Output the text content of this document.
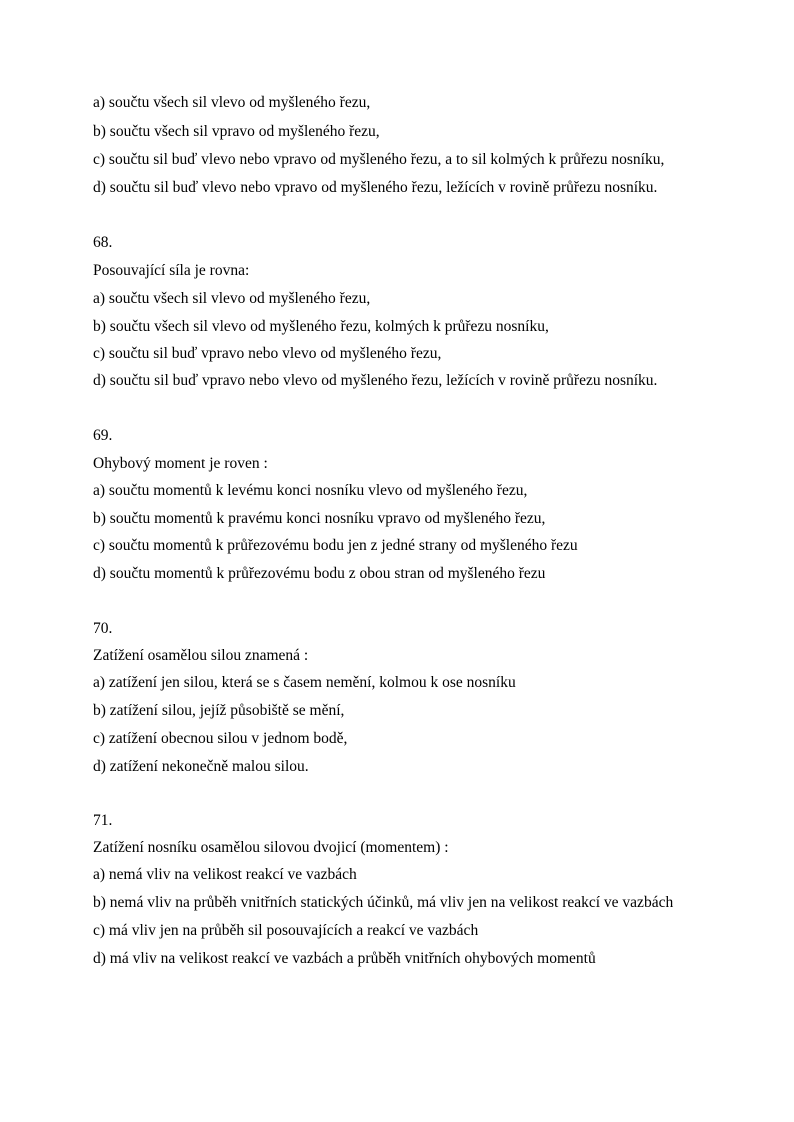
a) součtu všech sil vlevo od myšleného řezu,
b) součtu všech sil vpravo od myšleného řezu,
c) součtu sil buď vlevo nebo vpravo od myšleného řezu, a to sil kolmých k průřezu nosníku,
d) součtu sil buď vlevo nebo vpravo od myšleného řezu, ležících v rovině průřezu nosníku.
68.
Posouvající síla je rovna:
a) součtu všech sil vlevo od myšleného řezu,
b) součtu všech sil vlevo od myšleného řezu, kolmých k průřezu nosníku,
c) součtu sil buď vpravo nebo vlevo od myšleného řezu,
d) součtu sil buď vpravo nebo vlevo od myšleného řezu, ležících v rovině průřezu nosníku.
69.
Ohybový moment je roven :
a) součtu momentů k levému konci nosníku vlevo od myšleného řezu,
b) součtu momentů k pravému konci nosníku vpravo od myšleného řezu,
c) součtu momentů k průřezovému bodu jen z jedné strany od myšleného řezu
d) součtu momentů k průřezovému bodu z obou stran od myšleného řezu
70.
Zatížení osamělou silou znamená :
a) zatížení jen silou, která se s časem nemění, kolmou k ose nosníku
b) zatížení silou, jejíž působiště se mění,
c) zatížení obecnou silou v jednom bodě,
d) zatížení nekonečně malou silou.
71.
Zatížení nosníku osamělou silovou dvojicí (momentem) :
a) nemá vliv na velikost reakcí ve vazbách
b) nemá vliv na průběh vnitřních statických účinků, má vliv jen na velikost reakcí ve vazbách
c) má vliv jen na průběh sil posouvajících a reakcí ve vazbách
d) má vliv na velikost reakcí ve vazbách a průběh vnitřních ohybových momentů
